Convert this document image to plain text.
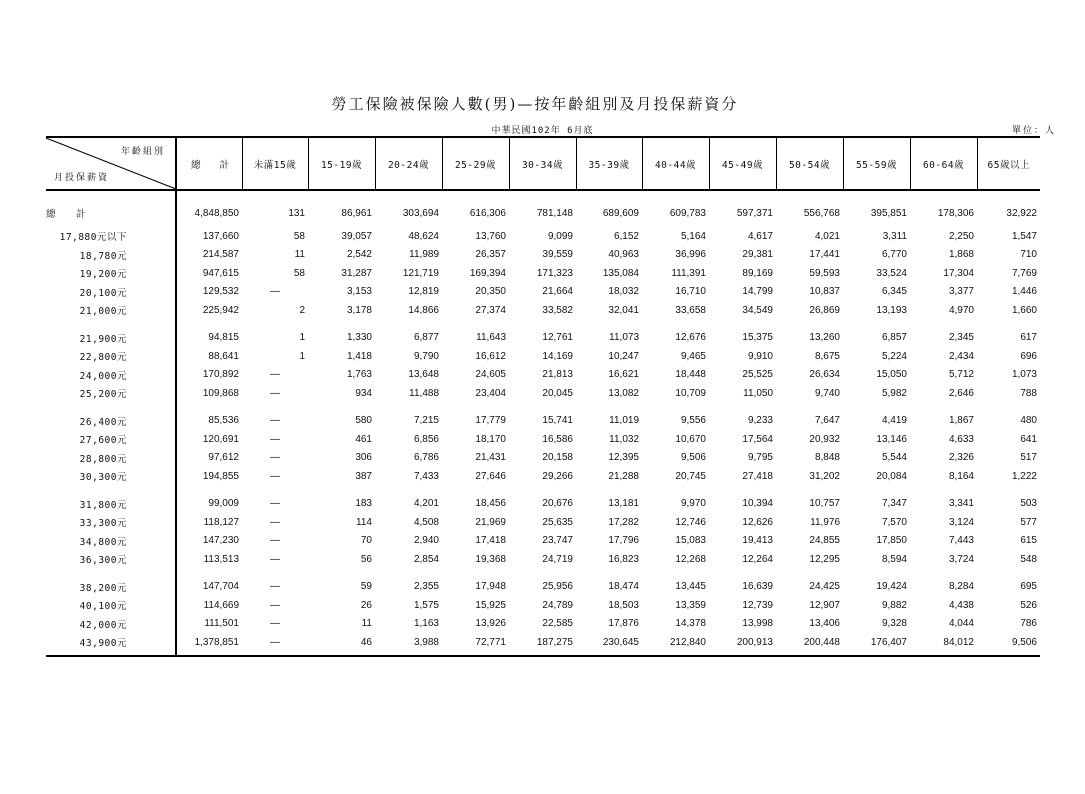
勞工保險被保險人數(男)—按年齡組別及月投保薪資分
中華民國102年 6月底	單位：人
年齡組別
月投保薪資	總　　計	未滿15歲	15-19歲	20-24歲	25-29歲	30-34歲	35-39歲	40-44歲	45-49歲	50-54歲	55-59歲	60-64歲	65歲以上
總　　計	4,848,850	131	86,961	303,694	616,306	781,148	689,609	609,783	597,371	556,768	395,851	178,306	32,922
17,880元以下	137,660	58	39,057	48,624	13,760	9,099	6,152	5,164	4,617	4,021	3,311	2,250	1,547
18,780元	214,587	11	2,542	11,989	26,357	39,559	40,963	36,996	29,381	17,441	6,770	1,868	710
19,200元	947,615	58	31,287	121,719	169,394	171,323	135,084	111,391	89,169	59,593	33,524	17,304	7,769
20,100元	129,532	—	3,153	12,819	20,350	21,664	18,032	16,710	14,799	10,837	6,345	3,377	1,446
21,000元	225,942	2	3,178	14,866	27,374	33,582	32,041	33,658	34,549	26,869	13,193	4,970	1,660
21,900元	94,815	1	1,330	6,877	11,643	12,761	11,073	12,676	15,375	13,260	6,857	2,345	617
22,800元	88,641	1	1,418	9,790	16,612	14,169	10,247	9,465	9,910	8,675	5,224	2,434	696
24,000元	170,892	—	1,763	13,648	24,605	21,813	16,621	18,448	25,525	26,634	15,050	5,712	1,073
25,200元	109,868	—	934	11,488	23,404	20,045	13,082	10,709	11,050	9,740	5,982	2,646	788
26,400元	85,536	—	580	7,215	17,779	15,741	11,019	9,556	9,233	7,647	4,419	1,867	480
27,600元	120,691	—	461	6,856	18,170	16,586	11,032	10,670	17,564	20,932	13,146	4,633	641
28,800元	97,612	—	306	6,786	21,431	20,158	12,395	9,506	9,795	8,848	5,544	2,326	517
30,300元	194,855	—	387	7,433	27,646	29,266	21,288	20,745	27,418	31,202	20,084	8,164	1,222
31,800元	99,009	—	183	4,201	18,456	20,676	13,181	9,970	10,394	10,757	7,347	3,341	503
33,300元	118,127	—	114	4,508	21,969	25,635	17,282	12,746	12,626	11,976	7,570	3,124	577
34,800元	147,230	—	70	2,940	17,418	23,747	17,796	15,083	19,413	24,855	17,850	7,443	615
36,300元	113,513	—	56	2,854	19,368	24,719	16,823	12,268	12,264	12,295	8,594	3,724	548
38,200元	147,704	—	59	2,355	17,948	25,956	18,474	13,445	16,639	24,425	19,424	8,284	695
40,100元	114,669	—	26	1,575	15,925	24,789	18,503	13,359	12,739	12,907	9,882	4,438	526
42,000元	111,501	—	11	1,163	13,926	22,585	17,876	14,378	13,998	13,406	9,328	4,044	786
43,900元	1,378,851	—	46	3,988	72,771	187,275	230,645	212,840	200,913	200,448	176,407	84,012	9,506
